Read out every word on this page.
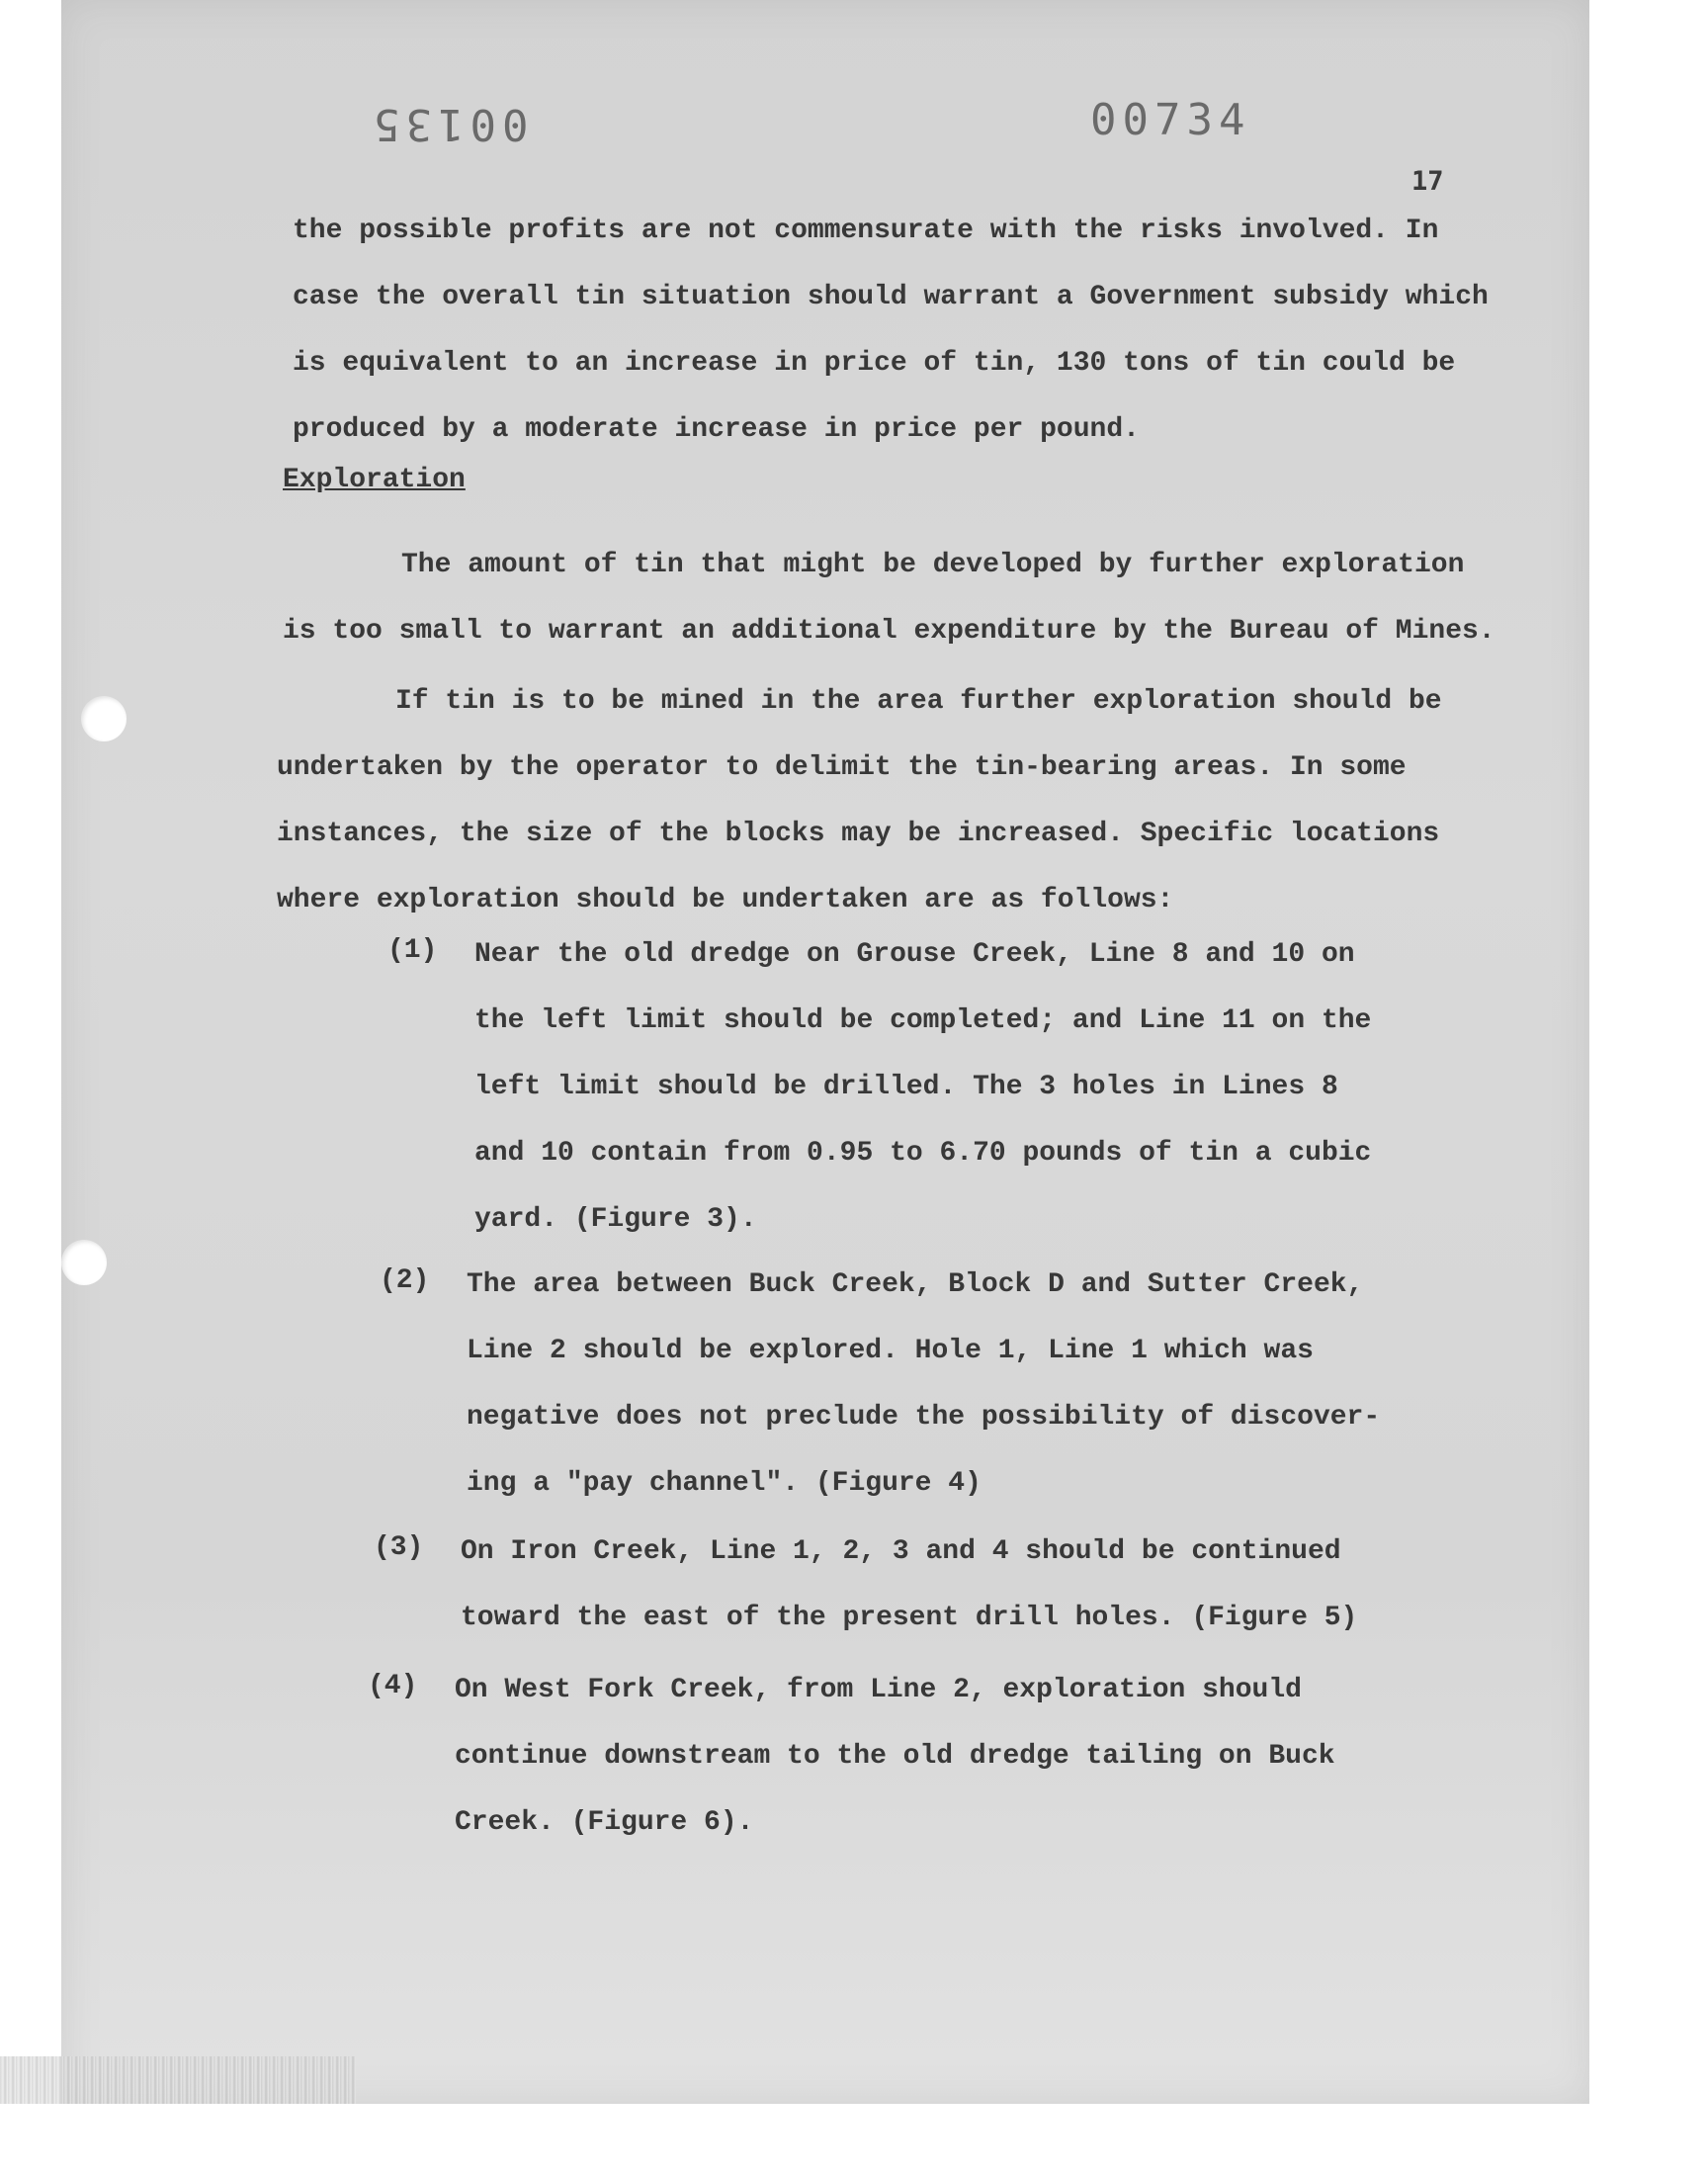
00135	00734
17
the possible profits are not commensurate with the risks involved. In
case the overall tin situation should warrant a Government subsidy which
is equivalent to an increase in price of tin, 130 tons of tin could be
produced by a moderate increase in price per pound.
Exploration
The amount of tin that might be developed by further exploration
is too small to warrant an additional expenditure by the Bureau of Mines.
If tin is to be mined in the area further exploration should be
undertaken by the operator to delimit the tin-bearing areas. In some
instances, the size of the blocks may be increased. Specific locations
where exploration should be undertaken are as follows:
(1) Near the old dredge on Grouse Creek, Line 8 and 10 on
the left limit should be completed; and Line 11 on the
left limit should be drilled. The 3 holes in Lines 8
and 10 contain from 0.95 to 6.70 pounds of tin a cubic
yard. (Figure 3).
(2) The area between Buck Creek, Block D and Sutter Creek,
Line 2 should be explored. Hole 1, Line 1 which was
negative does not preclude the possibility of discover-
ing a "pay channel". (Figure 4)
(3) On Iron Creek, Line 1, 2, 3 and 4 should be continued
toward the east of the present drill holes. (Figure 5)
(4) On West Fork Creek, from Line 2, exploration should
continue downstream to the old dredge tailing on Buck
Creek. (Figure 6).
